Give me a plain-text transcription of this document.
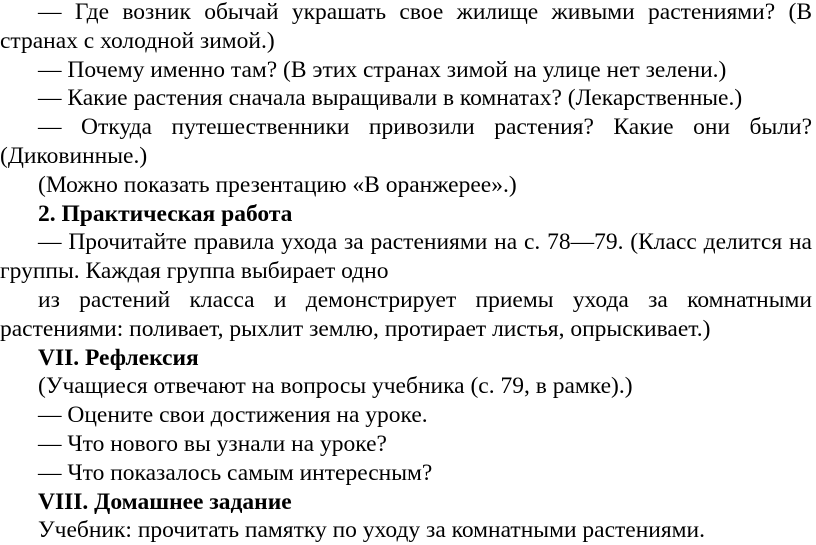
— Где возник обычай украшать свое жилище живыми растениями? (В странах с холодной зимой.)

— Почему именно там? (В этих странах зимой на улице нет зелени.)

— Какие растения сначала выращивали в комнатах? (Лекарственные.)

— Откуда путешественники привозили растения? Какие они были? (Диковинные.)

(Можно показать презентацию «В оранжерее».)

2. Практическая работа

— Прочитайте правила ухода за растениями на с. 78—79. (Класс делится на группы. Каждая группа выбирает одно

из растений класса и демонстрирует приемы ухода за комнатными растениями: поливает, рыхлит землю, протирает листья, опрыскивает.)

VII. Рефлексия

(Учащиеся отвечают на вопросы учебника (с. 79, в рамке).)

— Оцените свои достижения на уроке.

— Что нового вы узнали на уроке?

— Что показалось самым интересным?

VIII. Домашнее задание

Учебник: прочитать памятку по уходу за комнатными растениями.
